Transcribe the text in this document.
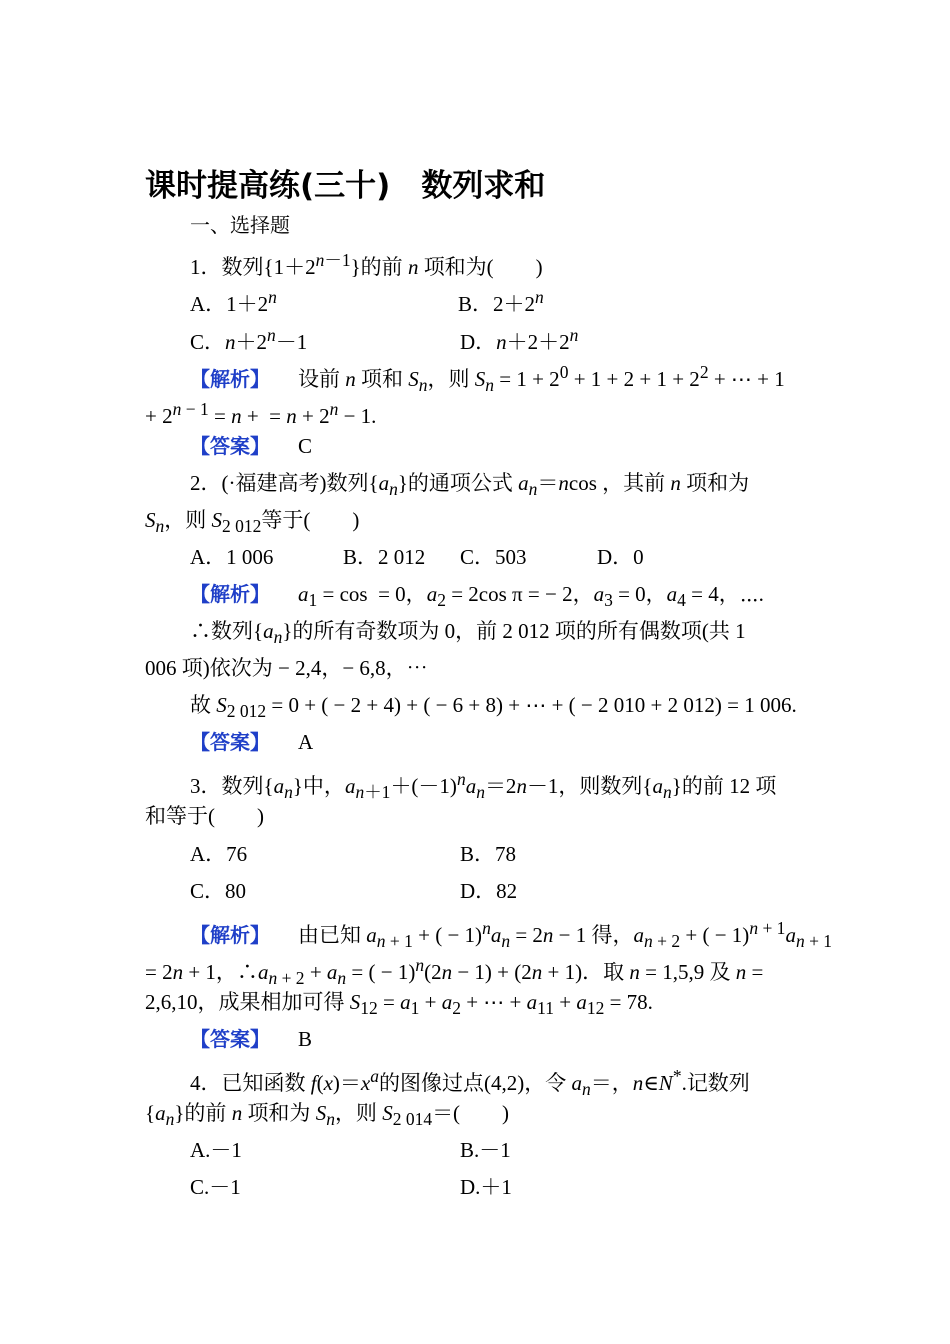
课时提高练(三十)　数列求和
一、选择题
1．数列$\{1+2^{n-1}\}$的前 n 项和为(　　)
A．$1+2^n$	B．$2+2^n$
C．$n+2^n-1$	D．$n+2+2^n$
【解析】 设前 n 项和 $S_n$，则 $S_n = 1 + 2^0 + 1 + 2 + 1 + 2^2$ + ⋯ + 1
+ $2^{n - 1} = n$ +  = $n + 2^n - 1$.
【答案】 C
2．(·福建高考)数列$\{a_n\}$的通项公式 $a_n=ncos$ ，其前 n 项和为
$S_n$，则 $S_{2 012}$等于(　　)
A．1 006	B．2 012 C．503	D．0
【解析】 $a_1 = \cos = 0$，$a_2 = 2\cos$ π = − 2，$a_3 = 0$，$a_4 = 4$，⋯.
∴数列$\{a_n\}$的所有奇数项为 0，前 2 012 项的所有偶数项(共 1
006 项)依次为 − 2,4，− 6,8，⋯
故 $S_{2 012} = 0$ + ( − 2 + 4) + ( − 6 + 8) + ⋯ + ( − 2 010 + 2 012) = 1 006.
【答案】 A
3．数列$\{a_n\}$中，$a_{n+1}+(-1)^na_n=2n-1$，则数列$\{a_n\}$的前 12 项
和等于(　　)
A．76	B．78
C．80	D．82
【解析】 由已知 $a_{n + 1}$ + ( − $1)^na_n = 2n - 1$ 得，$a_{n + 2}$ + ( − $1)^{n + 1}a_{n + 1}$
= 2n + 1，$\therefore a_{n + 2} + a_n$ = ( − 1)$^n$(2n − 1) + (2n + 1)．取 n = 1,5,9 及 n =
2,6,10，成果相加可得 $S_{12} = a_1 + a_2$ + ⋯ + $a_{11} + a_{12} = 78$.
【答案】 B
4．已知函数 $f(x)=x^a$的图像过点(4,2)，令 $a_n=$，n∈N*.记数列
$\{a_n\}$的前 n 项和为 $S_n$，则 $S_{2 014}=$(　　)
A.－1	B.－1
C.－1	D.＋1
